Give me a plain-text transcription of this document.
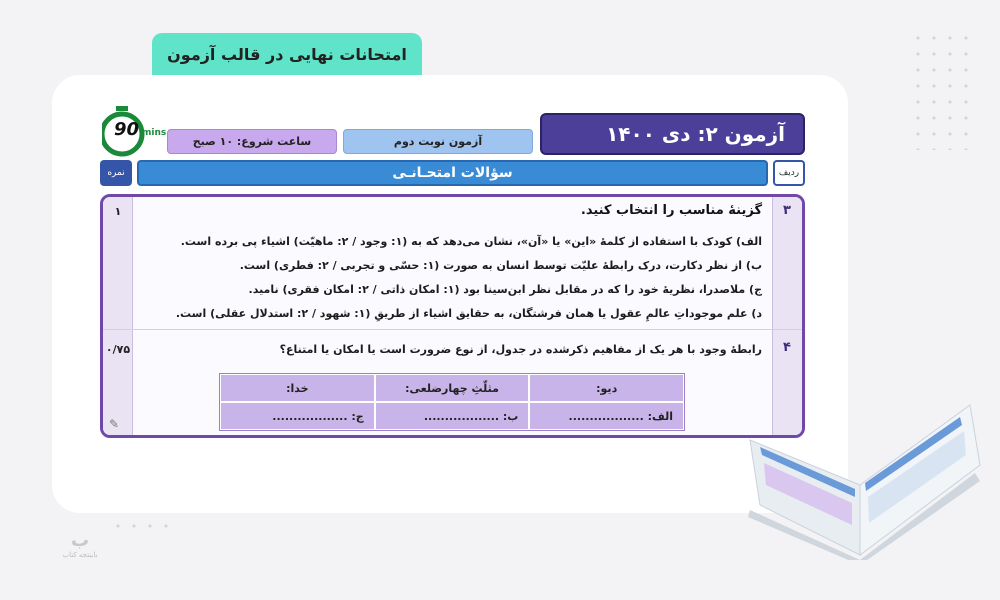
امتحانات نهایی در قالب آزمون
آزمون ۲: دی ۱۴۰۰
آزمون نوبت دوم
ساعت شروع: ۱۰ صبح
90 mins
ردیف
سؤالات امتحـانـی
نمره
۳
۱	گزینۀ مناسب را انتخاب کنید.
الف) کودک با استفاده از کلمۀ «این» یا «آن»، نشان می‌دهد که به (۱: وجود / ۲: ماهیّت) اشیاء پی برده است.
ب) از نظر دکارت، درک رابطۀ علیّت توسط انسان به صورت (۱: حسّی و تجربی / ۲: فطری) است.
ج) ملاصدرا، نظریۀ خود را که در مقابل نظر ابن‌سینا بود (۱: امکان ذاتی / ۲: امکان فقری) نامید.
د) علم موجوداتِ عالمِ عقول یا همان فرشتگان، به حقایق اشیاء از طریقِ (۱: شهود / ۲: استدلال عقلی) است.
۴
۰/۷۵	رابطۀ وجود با هر یک از مفاهیم ذکرشده در جدول، از نوع ضرورت است یا امکان یا امتناع؟
دیو:
مثلّثِ چهارضلعی:
خدا:
الف: ..................
ب: ..................
ج: ..................
✎
ب
باینتجه کتاب
